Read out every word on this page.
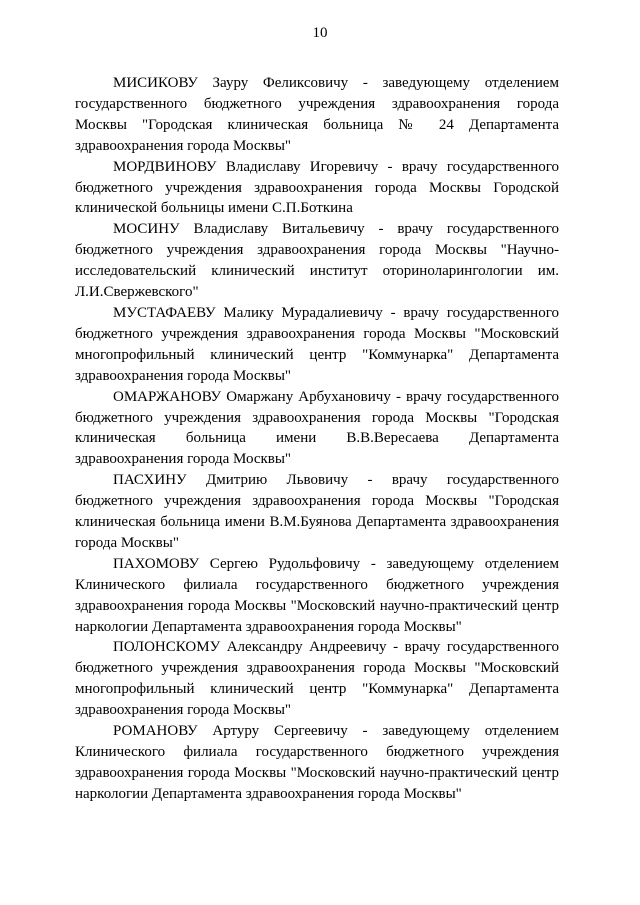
10

МИСИКОВУ Зауру Феликсовичу - заведующему отделением государственного бюджетного учреждения здравоохранения города Москвы "Городская клиническая больница № 24 Департамента здравоохранения города Москвы"

МОРДВИНОВУ Владиславу Игоревичу - врачу государственного бюджетного учреждения здравоохранения города Москвы Городской клинической больницы имени С.П.Боткина

МОСИНУ Владиславу Витальевичу - врачу государственного бюджетного учреждения здравоохранения города Москвы "Научно-исследовательский клинический институт оториноларингологии им. Л.И.Свержевского"

МУСТАФАЕВУ Малику Мурадалиевичу - врачу государственного бюджетного учреждения здравоохранения города Москвы "Московский многопрофильный клинический центр "Коммунарка" Департамента здравоохранения города Москвы"

ОМАРЖАНОВУ Омаржану Арбухановичу - врачу государственного бюджетного учреждения здравоохранения города Москвы "Городская клиническая больница имени В.В.Вересаева Департамента здравоохранения города Москвы"

ПАСХИНУ Дмитрию Львовичу - врачу государственного бюджетного учреждения здравоохранения города Москвы "Городская клиническая больница имени В.М.Буянова Департамента здравоохранения города Москвы"

ПАХОМОВУ Сергею Рудольфовичу - заведующему отделением Клинического филиала государственного бюджетного учреждения здравоохранения города Москвы "Московский научно-практический центр наркологии Департамента здравоохранения города Москвы"

ПОЛОНСКОМУ Александру Андреевичу - врачу государственного бюджетного учреждения здравоохранения города Москвы "Московский многопрофильный клинический центр "Коммунарка" Департамента здравоохранения города Москвы"

РОМАНОВУ Артуру Сергеевичу - заведующему отделением Клинического филиала государственного бюджетного учреждения здравоохранения города Москвы "Московский научно-практический центр наркологии Департамента здравоохранения города Москвы"
